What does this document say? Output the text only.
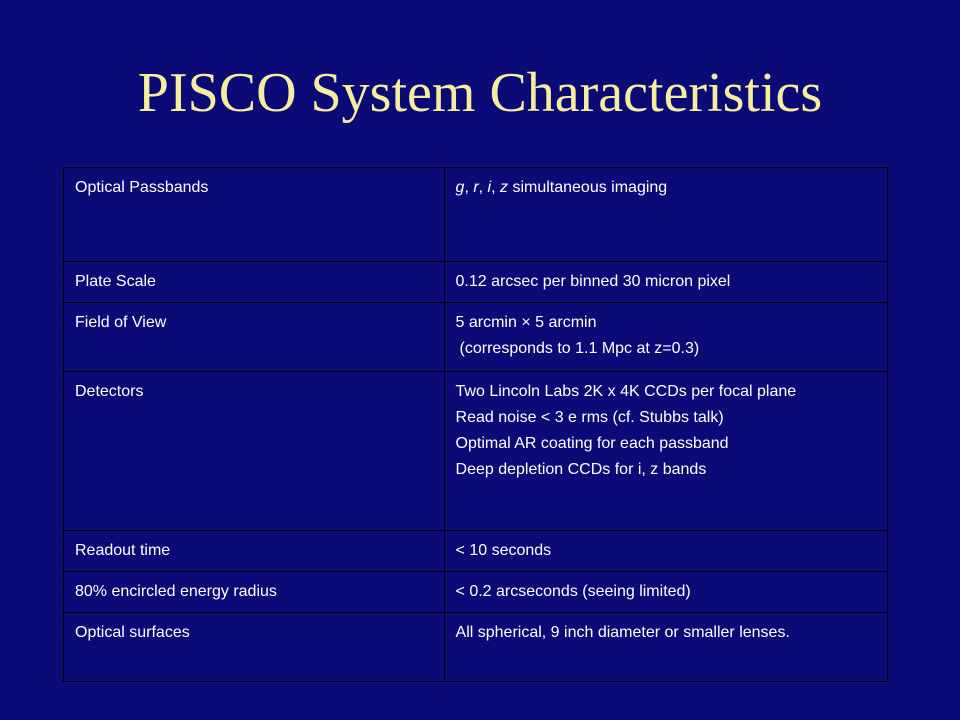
PISCO System Characteristics
Optical Passbands	g, r, i, z simultaneous imaging

Plate Scale	0.12 arcsec per binned 30 micron pixel

Field of View	5 arcmin × 5 arcmin
(corresponds to 1.1 Mpc at z=0.3)

Detectors	Two Lincoln Labs 2K x 4K CCDs per focal plane
Read noise < 3 e rms (cf. Stubbs talk)
Optimal AR coating for each passband
Deep depletion CCDs for i, z bands

Readout time	< 10 seconds

80% encircled energy radius	< 0.2 arcseconds (seeing limited)

Optical surfaces	All spherical, 9 inch diameter or smaller lenses.
